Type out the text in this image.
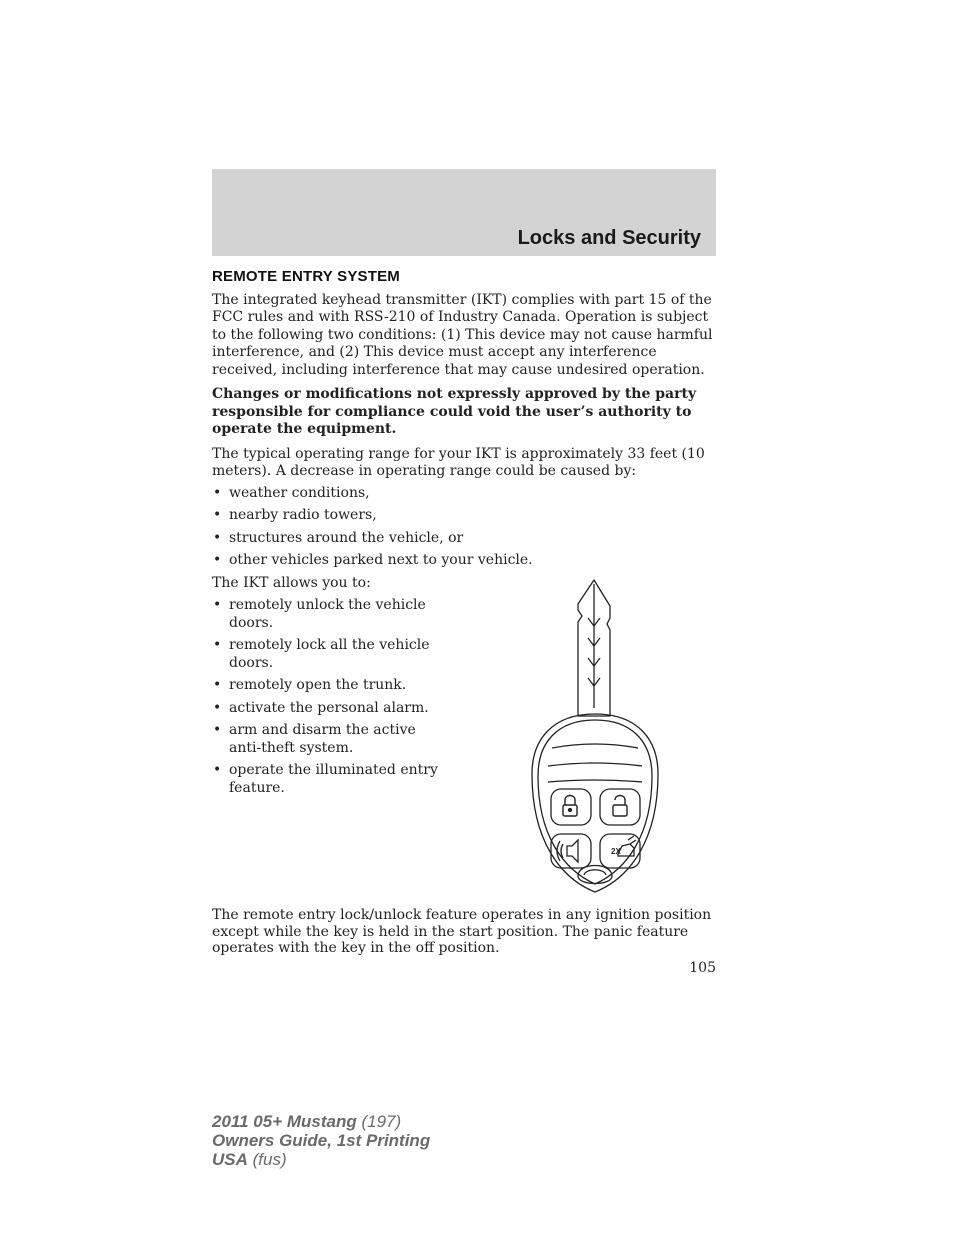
Locks and Security
REMOTE ENTRY SYSTEM

The integrated keyhead transmitter (IKT) complies with part 15 of the FCC rules and with RSS-210 of Industry Canada. Operation is subject to the following two conditions: (1) This device may not cause harmful interference, and (2) This device must accept any interference received, including interference that may cause undesired operation.

Changes or modifications not expressly approved by the party responsible for compliance could void the user’s authority to operate the equipment.

The typical operating range for your IKT is approximately 33 feet (10 meters). A decrease in operating range could be caused by:

• weather conditions,
• nearby radio towers,
• structures around the vehicle, or
• other vehicles parked next to your vehicle.

The IKT allows you to:

• remotely unlock the vehicle doors.
• remotely lock all the vehicle doors.
• remotely open the trunk.
• activate the personal alarm.
• arm and disarm the active anti-theft system.
• operate the illuminated entry feature.
2X

The remote entry lock/unlock feature operates in any ignition position except while the key is held in the start position. The panic feature operates with the key in the off position.

105
2011 05+ Mustang (197)
Owners Guide, 1st Printing
USA (fus)
